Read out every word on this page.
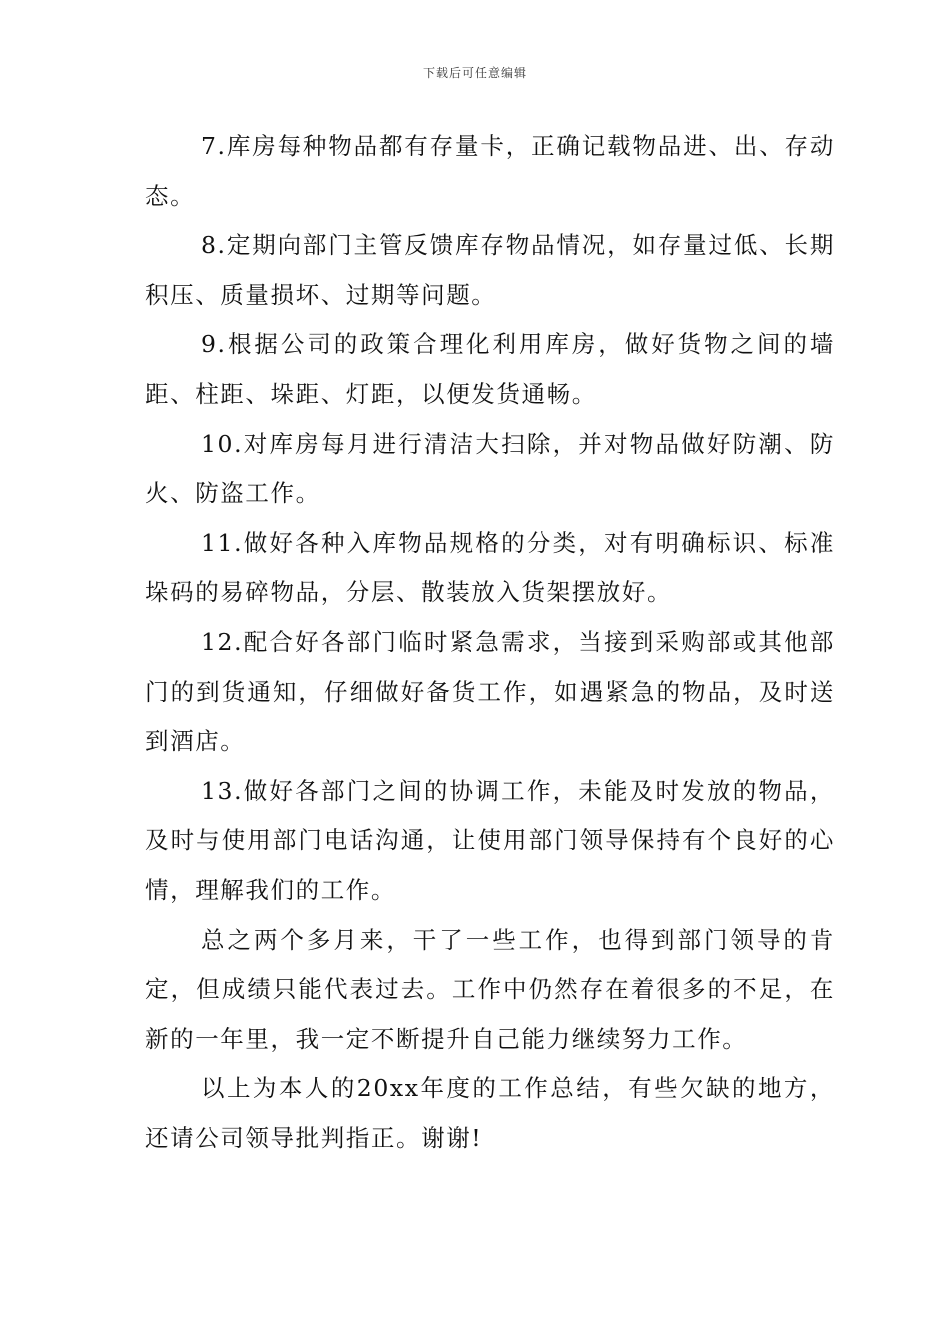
下载后可任意编辑

7.库房每种物品都有存量卡，正确记载物品进、出、存动态。

8.定期向部门主管反馈库存物品情况，如存量过低、长期积压、质量损坏、过期等问题。

9.根据公司的政策合理化利用库房，做好货物之间的墙距、柱距、垛距、灯距，以便发货通畅。

10.对库房每月进行清洁大扫除，并对物品做好防潮、防火、防盗工作。

11.做好各种入库物品规格的分类，对有明确标识、标准垛码的易碎物品，分层、散装放入货架摆放好。

12.配合好各部门临时紧急需求，当接到采购部或其他部门的到货通知，仔细做好备货工作，如遇紧急的物品，及时送到酒店。

13.做好各部门之间的协调工作，未能及时发放的物品，及时与使用部门电话沟通，让使用部门领导保持有个良好的心情，理解我们的工作。

总之两个多月来，干了一些工作，也得到部门领导的肯定，但成绩只能代表过去。工作中仍然存在着很多的不足，在新的一年里，我一定不断提升自己能力继续努力工作。

以上为本人的20xx年度的工作总结，有些欠缺的地方，还请公司领导批判指正。谢谢!
